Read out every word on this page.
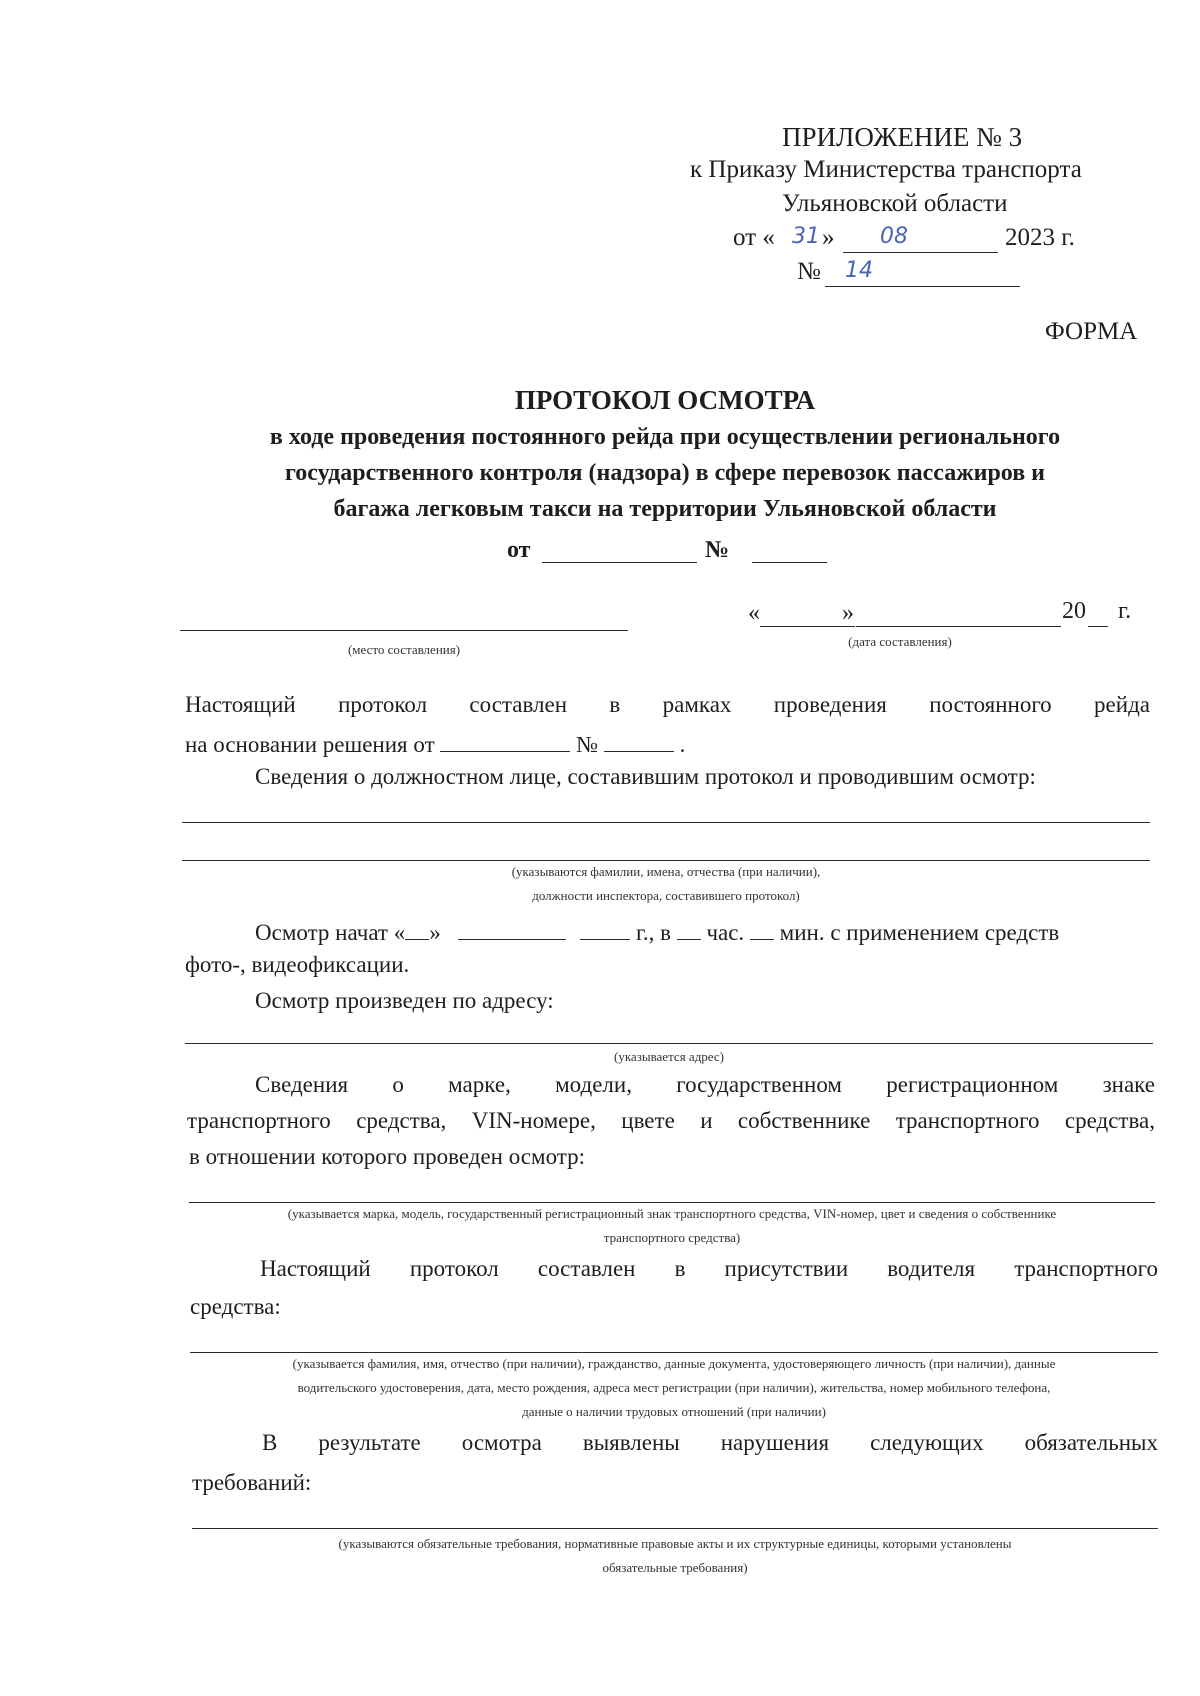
ПРИЛОЖЕНИЕ № 3
к Приказу Министерства транспорта
Ульяновской области
от « 31 » 08	2023 г.
№ 14
ФОРМА
ПРОТОКОЛ ОСМОТРА
в ходе проведения постоянного рейда при осуществлении регионального
государственного контроля (надзора) в сфере перевозок пассажиров и
багажа легковым такси на территории Ульяновской области
от	№
(место составления)
«	»	20 г.
(дата составления)
Настоящий протокол составлен в рамках проведения постоянного рейда
на основании решения от	№	.
Сведения о должностном лице, составившим протокол и проводившим осмотр:
(указываются фамилии, имена, отчества (при наличии),
должности инспектора, составившего протокол)
Осмотр начат « »	г., в час. мин. с применением средств
фото-, видеофиксации.
Осмотр произведен по адресу:
(указывается адрес)
Сведения о марке, модели, государственном регистрационном знаке
транспортного средства, VIN-номере, цвете и собственнике транспортного средства,
в отношении которого проведен осмотр:
(указывается марка, модель, государственный регистрационный знак транспортного средства, VIN-номер, цвет и сведения о собственнике
транспортного средства)
Настоящий протокол составлен в присутствии водителя транспортного
средства:
(указывается фамилия, имя, отчество (при наличии), гражданство, данные документа, удостоверяющего личность (при наличии), данные
водительского удостоверения, дата, место рождения, адреса мест регистрации (при наличии), жительства, номер мобильного телефона,
данные о наличии трудовых отношений (при наличии)
В результате осмотра выявлены нарушения следующих обязательных
требований:
(указываются обязательные требования, нормативные правовые акты и их структурные единицы, которыми установлены
обязательные требования)
